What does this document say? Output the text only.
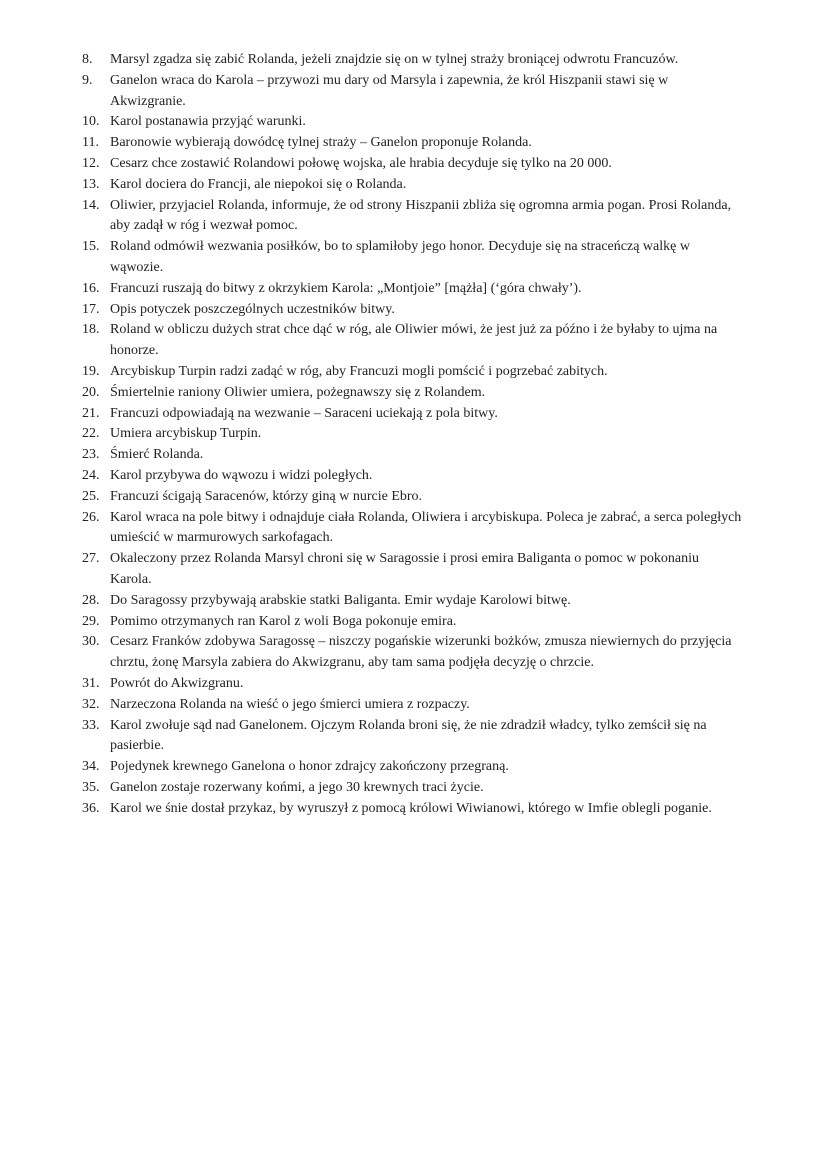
8.	Marsyl zgadza się zabić Rolanda, jeżeli znajdzie się on w tylnej straży broniącej odwrotu Francuzów.
9.	Ganelon wraca do Karola – przywozi mu dary od Marsyla i zapewnia, że król Hiszpanii stawi się w Akwizgranie.
10. Karol postanawia przyjąć warunki.
11. Baronowie wybierają dowódcę tylnej straży – Ganelon proponuje Rolanda.
12. Cesarz chce zostawić Rolandowi połowę wojska, ale hrabia decyduje się tylko na 20 000.
13. Karol dociera do Francji, ale niepokoi się o Rolanda.
14. Oliwier, przyjaciel Rolanda, informuje, że od strony Hiszpanii zbliża się ogromna armia pogan. Prosi Rolanda, aby zadął w róg i wezwał pomoc.
15. Roland odmówił wezwania posiłków, bo to splamiłoby jego honor. Decyduje się na straceńczą walkę w wąwozie.
16. Francuzi ruszają do bitwy z okrzykiem Karola: „Montjoie” [mążła] (‘góra chwały’).
17. Opis potyczek poszczególnych uczestników bitwy.
18. Roland w obliczu dużych strat chce dąć w róg, ale Oliwier mówi, że jest już za późno i że byłaby to ujma na honorze.
19. Arcybiskup Turpin radzi zadąć w róg, aby Francuzi mogli pomścić i pogrzebać zabitych.
20. Śmiertelnie raniony Oliwier umiera, pożegnawszy się z Rolandem.
21. Francuzi odpowiadają na wezwanie – Saraceni uciekają z pola bitwy.
22. Umiera arcybiskup Turpin.
23. Śmierć Rolanda.
24. Karol przybywa do wąwozu i widzi poległych.
25. Francuzi ścigają Saracenów, którzy giną w nurcie Ebro.
26. Karol wraca na pole bitwy i odnajduje ciała Rolanda, Oliwiera i arcybiskupa. Poleca je zabrać, a serca poległych umieścić w marmurowych sarkofagach.
27. Okaleczony przez Rolanda Marsyl chroni się w Saragossie i prosi emira Baliganta o pomoc w pokonaniu Karola.
28. Do Saragossy przybywają arabskie statki Baliganta. Emir wydaje Karolowi bitwę.
29. Pomimo otrzymanych ran Karol z woli Boga pokonuje emira.
30. Cesarz Franków zdobywa Saragossę – niszczy pogańskie wizerunki bożków, zmusza niewiernych do przyjęcia chrztu, żonę Marsyla zabiera do Akwizgranu, aby tam sama podjęła decyzję o chrzcie.
31. Powrót do Akwizgranu.
32. Narzeczona Rolanda na wieść o jego śmierci umiera z rozpaczy.
33. Karol zwołuje sąd nad Ganelonem. Ojczym Rolanda broni się, że nie zdradził władcy, tylko zemścił się na pasierbie.
34. Pojedynek krewnego Ganelona o honor zdrajcy zakończony przegraną.
35. Ganelon zostaje rozerwany końmi, a jego 30 krewnych traci życie.
36. Karol we śnie dostał przykaz, by wyruszył z pomocą królowi Wiwianowi, którego w Imfie oblegli poganie.
